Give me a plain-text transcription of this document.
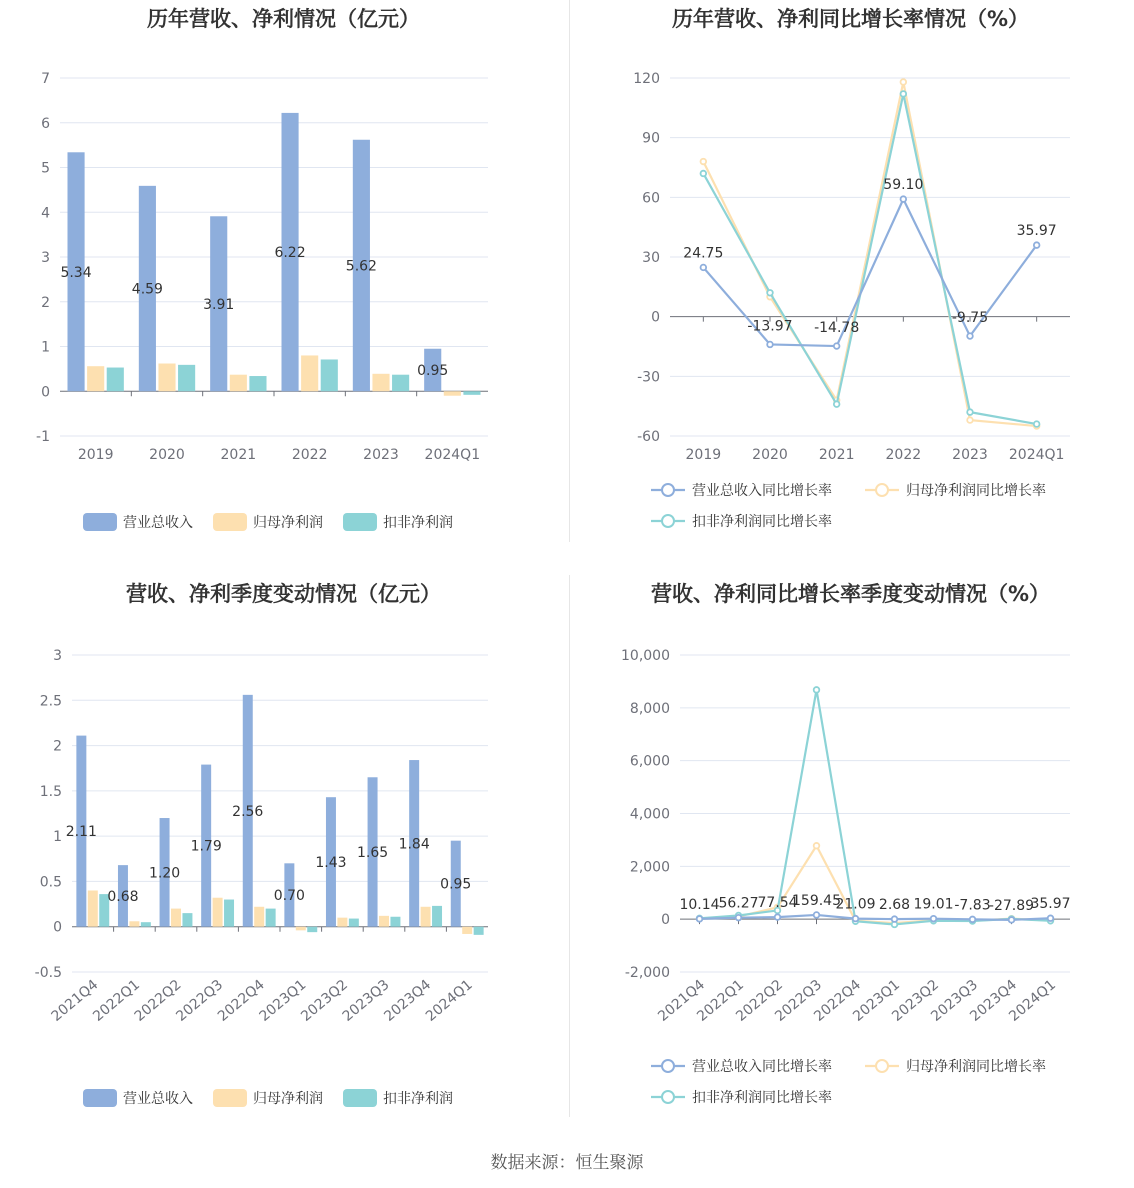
历年营收、净利情况（亿元）
-1
0
1
2
3
4
5
6
7
2019	2020	2021	2022	2023 2024Q1
5.34
4.59
3.91
6.22
5.62
0.95
营业总收入	归母净利润	扣非净利润
历年营收、净利同比增长率情况（%）
-60
-30
0
30
60
90
120
2019 2020 2021 2022 2023 2024Q1
24.75
-13.97 -14.78
59.10
-9.75
35.97
营业总收入同比增长率	归母净利润同比增长率
扣非净利润同比增长率
营收、净利季度变动情况（亿元）
-0.5
0
0.5
1
1.5
2
2.5
3
2021Q4
2022Q1
2022Q2
2022Q3
2022Q4
2023Q1
2023Q2
2023Q3
2023Q4
2024Q1
2.11
0.68
1.20
1.79
2.56
0.70
1.43
1.65
1.84
0.95
营业总收入	归母净利润	扣非净利润
营收、净利同比增长率季度变动情况（%）
-2,000
0
2,000
4,000
6,000
8,000
10,000
2021Q4
2022Q1
2022Q2
2022Q3
2022Q4
2023Q1
2023Q2
2023Q3
2023Q4
2024Q1
10.14
56.27
77.54
159.45
21.09 2.68 19.01 -7.83
-27.89
35.97
营业总收入同比增长率	归母净利润同比增长率
扣非净利润同比增长率
数据来源：恒生聚源
